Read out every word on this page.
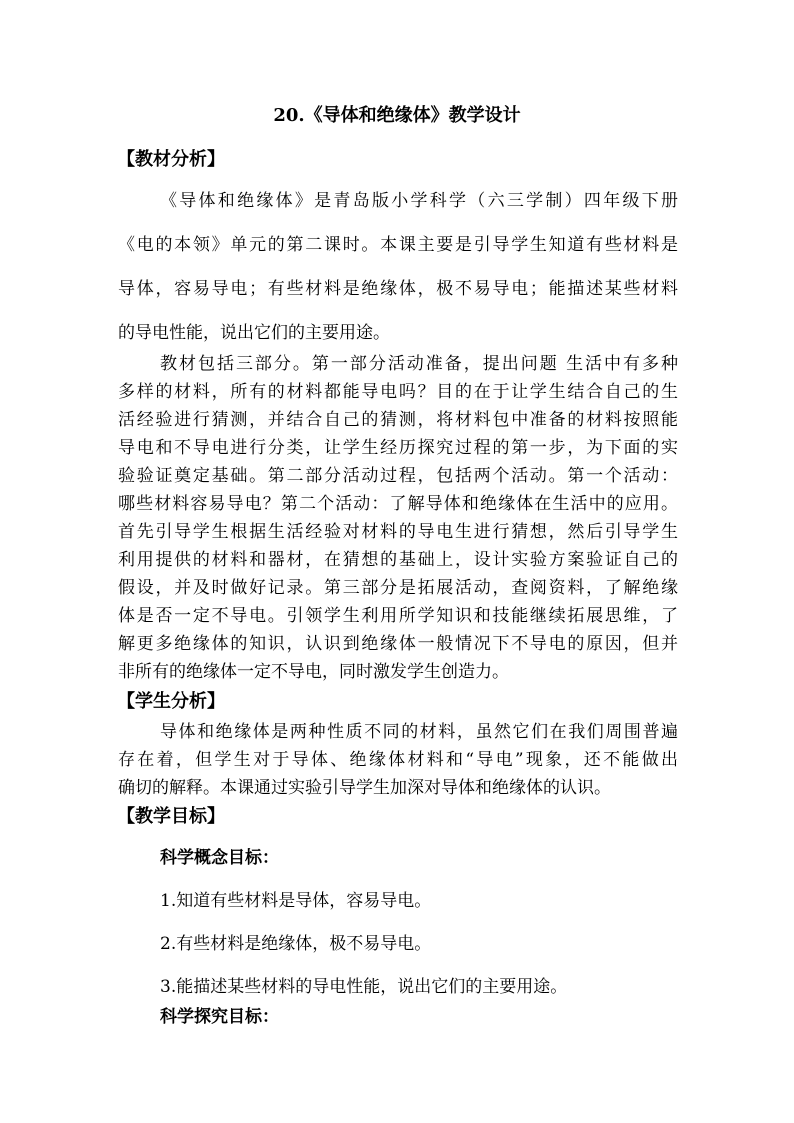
20.《导体和绝缘体》教学设计
【教材分析】
《导体和绝缘体》是青岛版小学科学（六三学制）四年级下册
《电的本领》单元的第二课时。本课主要是引导学生知道有些材料是
导体，容易导电；有些材料是绝缘体，极不易导电；能描述某些材料
的导电性能，说出它们的主要用途。
教材包括三部分。第一部分活动准备，提出问题 生活中有多种
多样的材料，所有的材料都能导电吗？目的在于让学生结合自己的生
活经验进行猜测，并结合自己的猜测，将材料包中准备的材料按照能
导电和不导电进行分类，让学生经历探究过程的第一步，为下面的实
验验证奠定基础。第二部分活动过程，包括两个活动。第一个活动：
哪些材料容易导电？第二个活动：了解导体和绝缘体在生活中的应用。
首先引导学生根据生活经验对材料的导电生进行猜想，然后引导学生
利用提供的材料和器材，在猜想的基础上，设计实验方案验证自己的
假设，并及时做好记录。第三部分是拓展活动，查阅资料，了解绝缘
体是否一定不导电。引领学生利用所学知识和技能继续拓展思维，了
解更多绝缘体的知识，认识到绝缘体一般情况下不导电的原因，但并
非所有的绝缘体一定不导电，同时激发学生创造力。
【学生分析】
导体和绝缘体是两种性质不同的材料，虽然它们在我们周围普遍
存在着，但学生对于导体、绝缘体材料和“导电”现象，还不能做出
确切的解释。本课通过实验引导学生加深对导体和绝缘体的认识。
【教学目标】
科学概念目标：
1.知道有些材料是导体，容易导电。
2.有些材料是绝缘体，极不易导电。
3.能描述某些材料的导电性能，说出它们的主要用途。
科学探究目标：
